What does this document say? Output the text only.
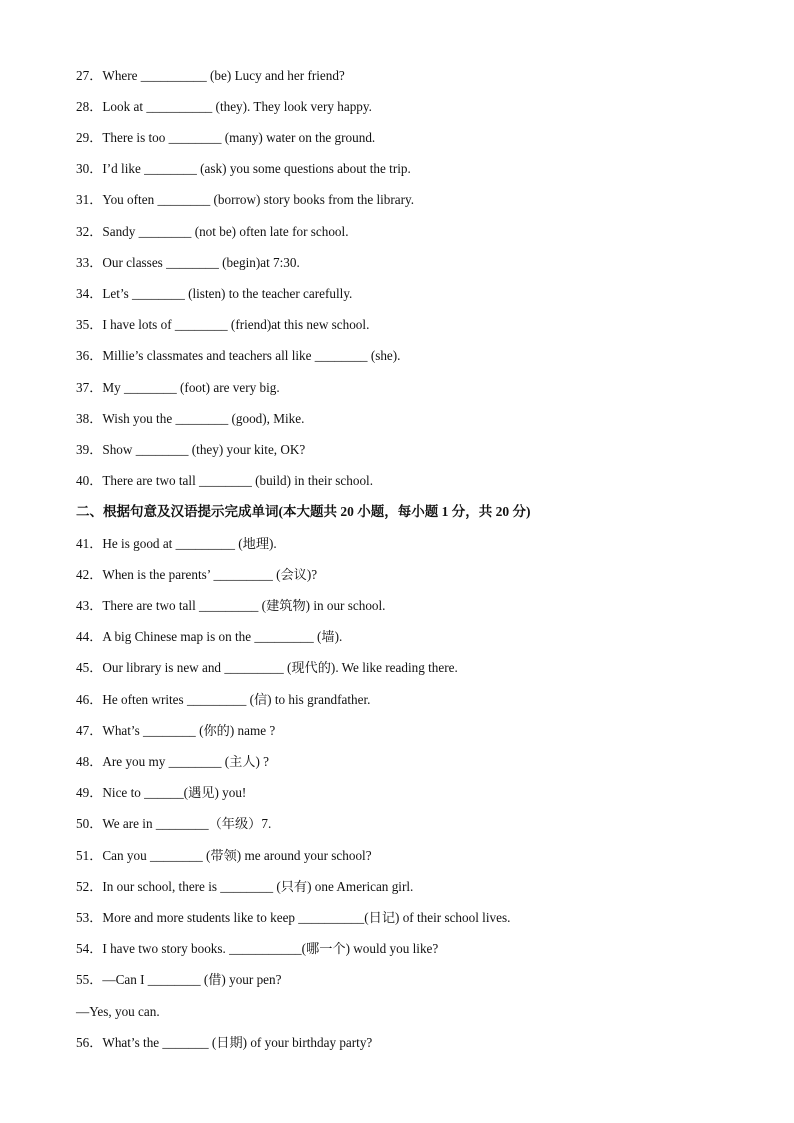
27．Where __________ (be) Lucy and her friend?
28．Look at __________ (they). They look very happy.
29．There is too ________ (many) water on the ground.
30．I’d like ________ (ask) you some questions about the trip.
31．You often ________ (borrow) story books from the library.
32．Sandy ________ (not be) often late for school.
33．Our classes ________ (begin)at 7:30.
34．Let’s ________ (listen) to the teacher carefully.
35．I have lots of ________ (friend)at this new school.
36．Millie’s classmates and teachers all like ________ (she).
37．My ________ (foot) are very big.
38．Wish you the ________ (good), Mike.
39．Show ________ (they) your kite, OK?
40．There are two tall ________ (build) in their school.
二、根据句意及汉语提示完成单词(本大题共 20 小题，每小题 1 分，共 20 分)
41．He is good at _________ (地理).
42．When is the parents’ _________ (会议)?
43．There are two tall _________ (建筑物) in our school.
44．A big Chinese map is on the _________ (墙).
45．Our library is new and _________ (现代的). We like reading there.
46．He often writes _________ (信) to his grandfather.
47．What’s ________ (你的) name ?
48．Are you my ________ (主人) ?
49．Nice to ______(遇见) you!
50．We are in ________（年级）7.
51．Can you ________ (带领) me around your school?
52．In our school, there is ________ (只有) one American girl.
53．More and more students like to keep __________(日记) of their school lives.
54．I have two story books. ___________(哪一个) would you like?
55．—Can I ________ (借) your pen?
—Yes, you can.
56．What’s the _______ (日期) of your birthday party?
